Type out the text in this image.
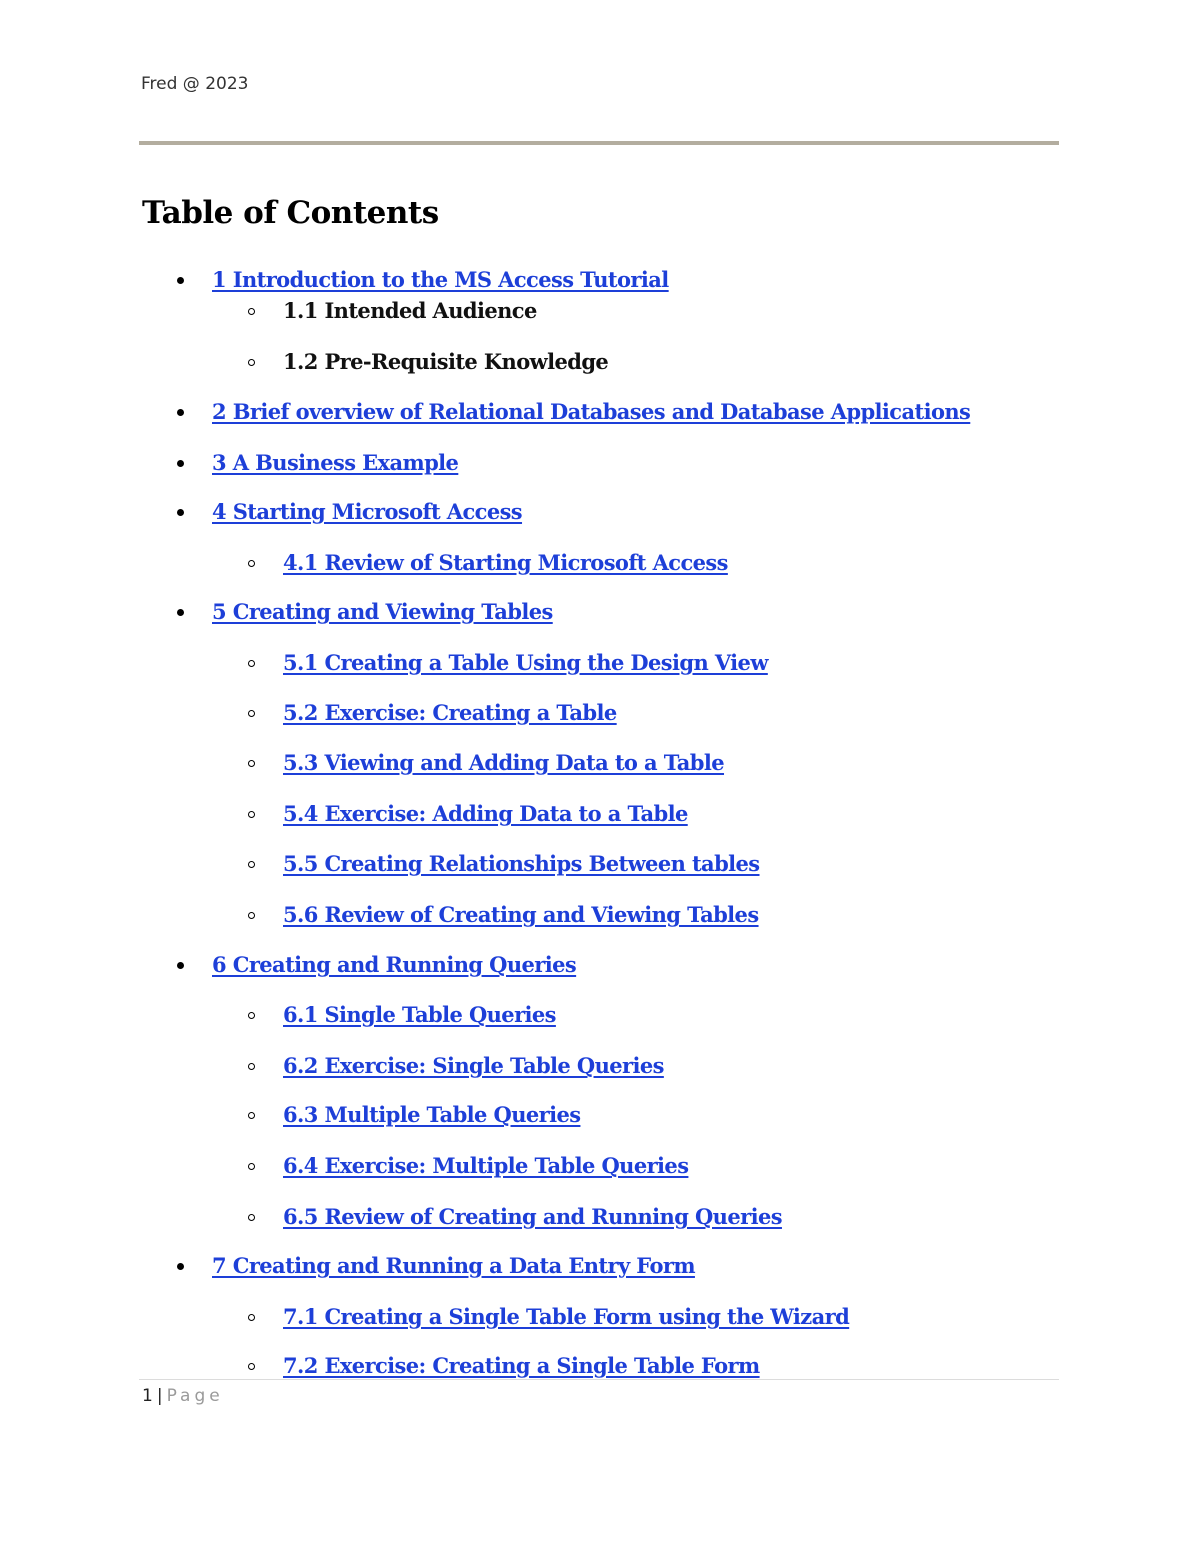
Fred @ 2023
Table of Contents
1 Introduction to the MS Access Tutorial
1.1 Intended Audience
1.2 Pre-Requisite Knowledge
2 Brief overview of Relational Databases and Database Applications
3 A Business Example
4 Starting Microsoft Access
4.1 Review of Starting Microsoft Access
5 Creating and Viewing Tables
5.1 Creating a Table Using the Design View
5.2 Exercise: Creating a Table
5.3 Viewing and Adding Data to a Table
5.4 Exercise: Adding Data to a Table
5.5 Creating Relationships Between tables
5.6 Review of Creating and Viewing Tables
6 Creating and Running Queries
6.1 Single Table Queries
6.2 Exercise: Single Table Queries
6.3 Multiple Table Queries
6.4 Exercise: Multiple Table Queries
6.5 Review of Creating and Running Queries
7 Creating and Running a Data Entry Form
7.1 Creating a Single Table Form using the Wizard
7.2 Exercise: Creating a Single Table Form
1 | Page
